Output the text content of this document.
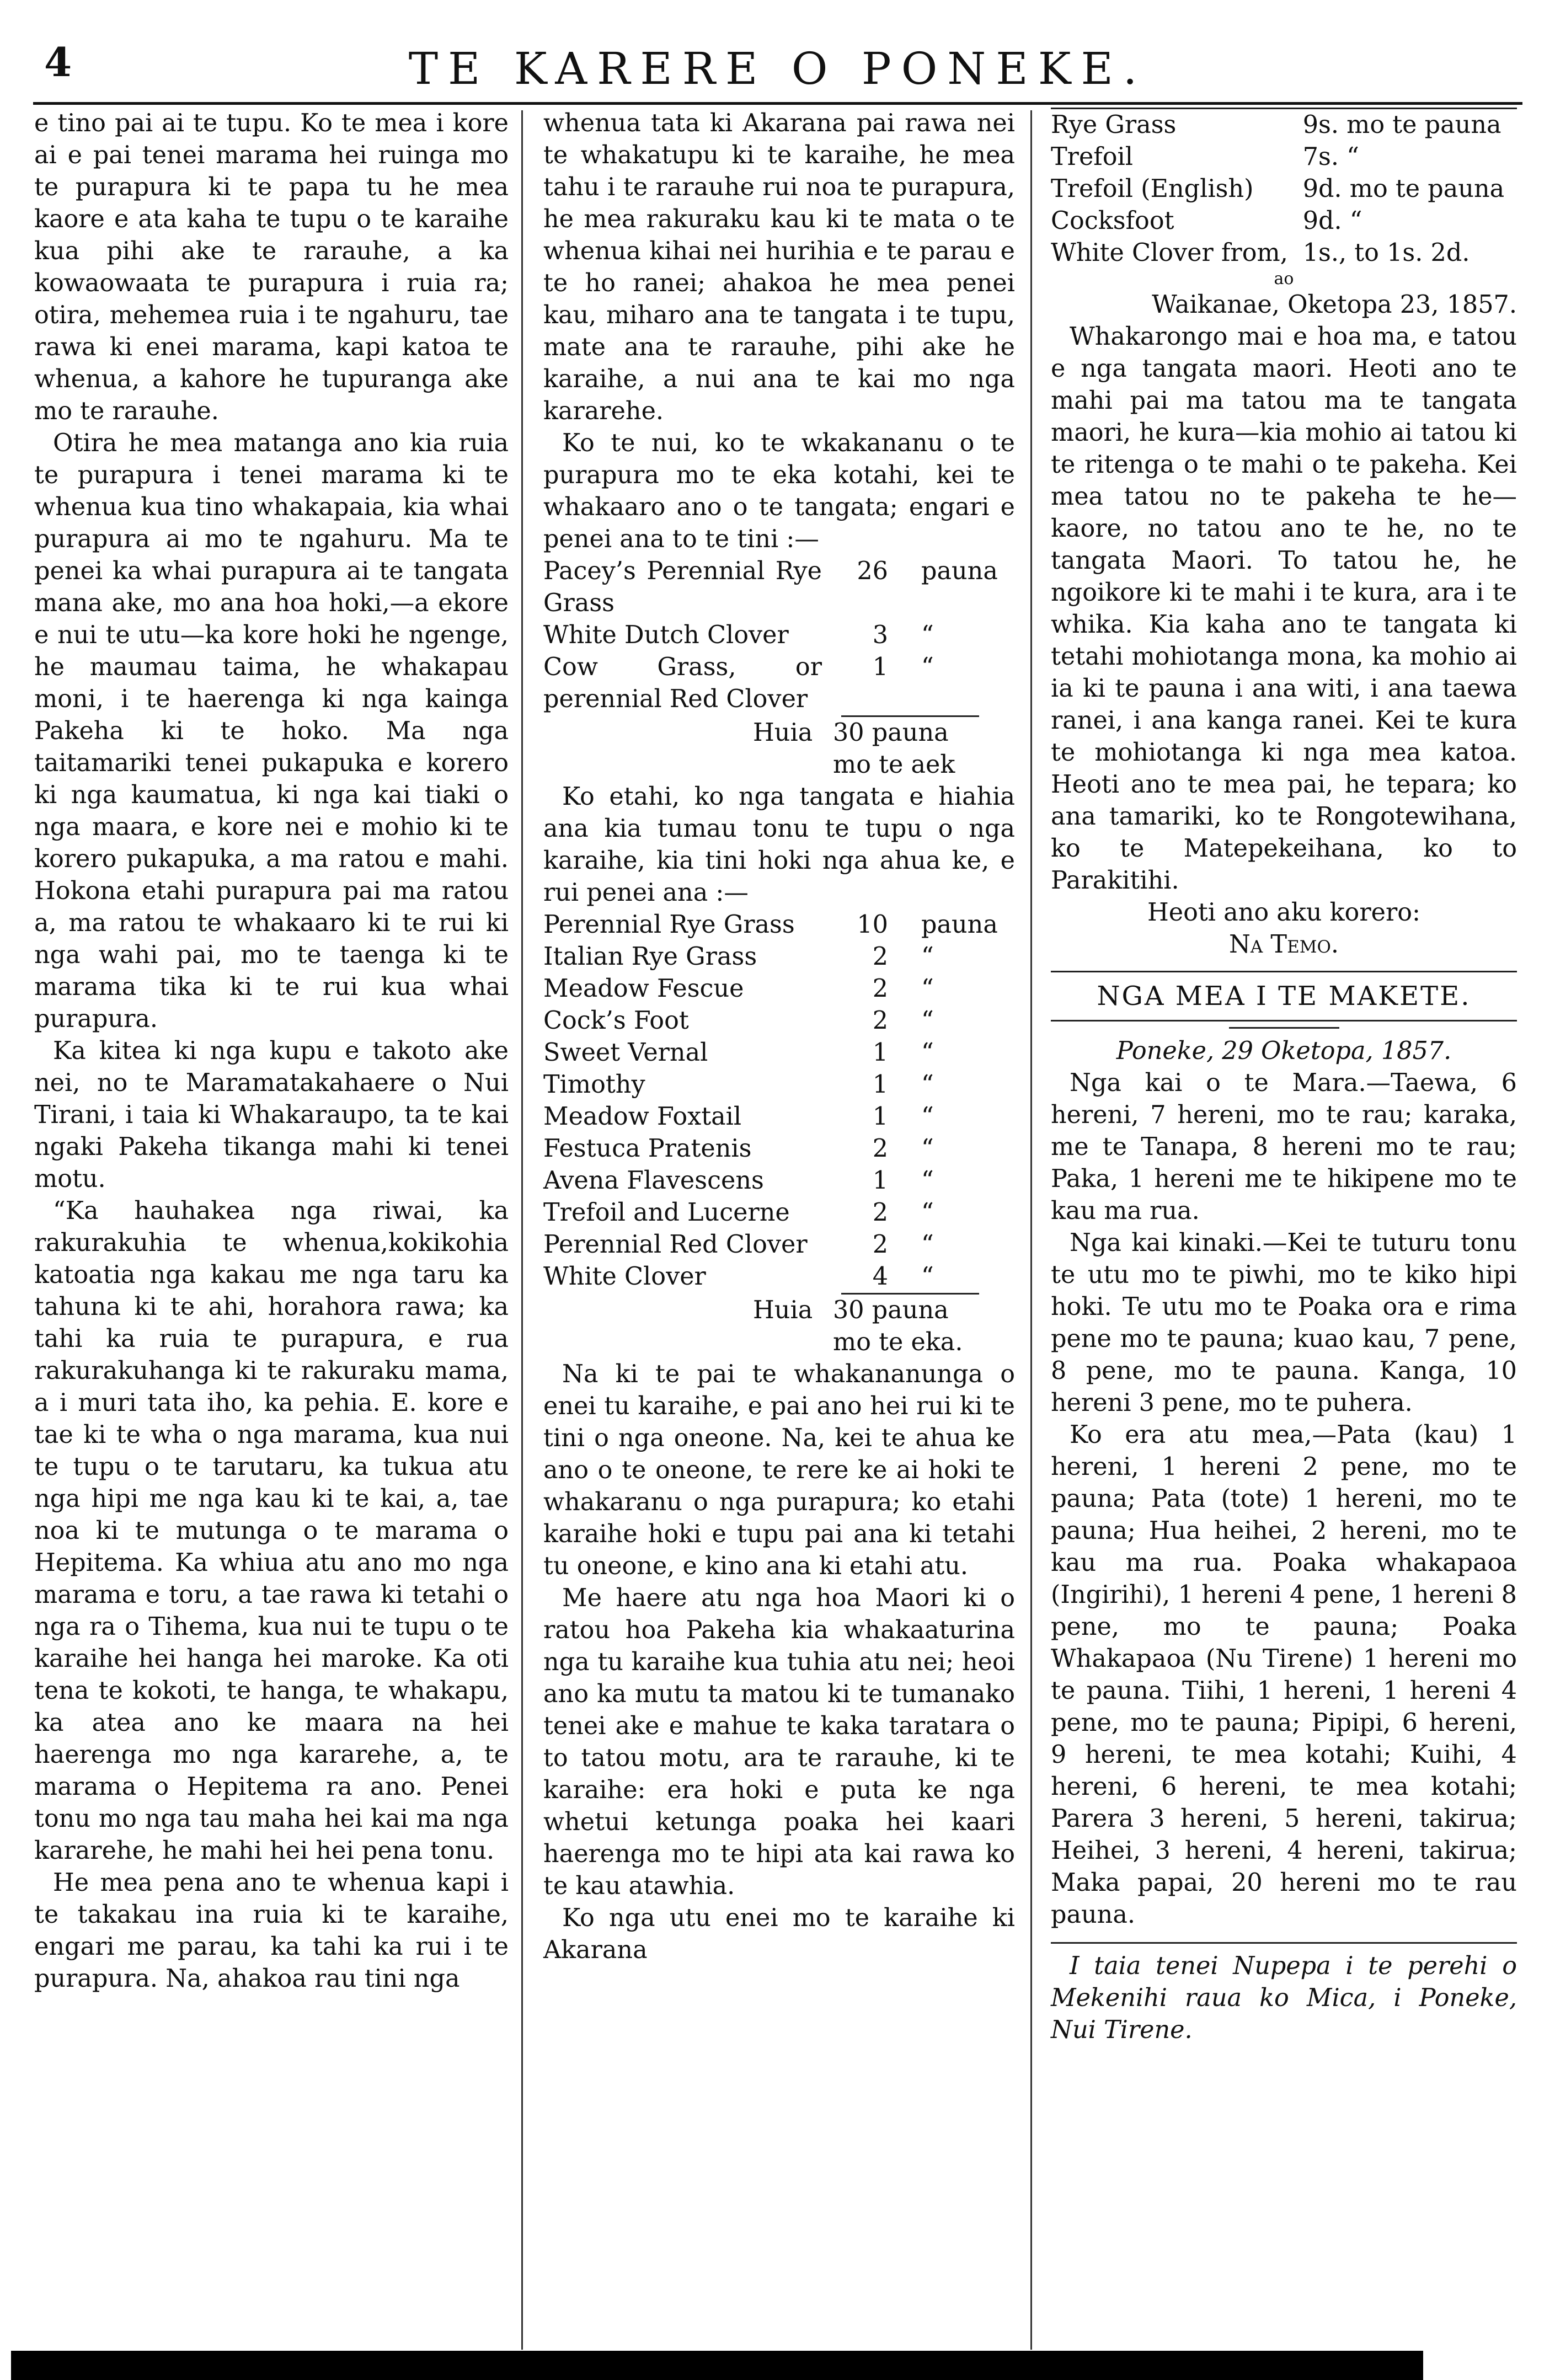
4	TE KARERE O PONEKE.

e tino pai ai te tupu. Ko te mea i kore ai e pai tenei marama hei ruinga mo te purapura ki te papa tu he mea kaore e ata kaha te tupu o te karaihe kua pihi ake te rarauhe, a ka kowaowaata te purapura i ruia ra; otira, mehemea ruia i te ngahuru, tae rawa ki enei marama, kapi katoa te whenua, a kahore he tupuranga ake mo te rarauhe.

Otira he mea matanga ano kia ruia te purapura i tenei marama ki te whenua kua tino whakapaia, kia whai purapura ai mo te ngahuru. Ma te penei ka whai purapura ai te tangata mana ake, mo ana hoa hoki,—a ekore e nui te utu—ka kore hoki he ngenge, he maumau taima, he whakapau moni, i te haerenga ki nga kainga Pakeha ki te hoko. Ma nga taitamariki tenei pukapuka e korero ki nga kaumatua, ki nga kai tiaki o nga maara, e kore nei e mohio ki te korero pukapuka, a ma ratou e mahi. Hokona etahi purapura pai ma ratou a, ma ratou te whakaaro ki te rui ki nga wahi pai, mo te taenga ki te marama tika ki te rui kua whai purapura.

Ka kitea ki nga kupu e takoto ake nei, no te Maramatakahaere o Nui Tirani, i taia ki Whakaraupo, ta te kai ngaki Pakeha tikanga mahi ki tenei motu.

“Ka hauhakea nga riwai, ka rakurakuhia te whenua,kokikohia katoatia nga kakau me nga taru ka tahuna ki te ahi, horahora rawa; ka tahi ka ruia te purapura, e rua rakurakuhanga ki te rakuraku mama, a i muri tata iho, ka pehia. E. kore e tae ki te wha o nga marama, kua nui te tupu o te tarutaru, ka tukua atu nga hipi me nga kau ki te kai, a, tae noa ki te mutunga o te marama o Hepitema. Ka whiua atu ano mo nga marama e toru, a tae rawa ki tetahi o nga ra o Tihema, kua nui te tupu o te karaihe hei hanga hei maroke. Ka oti tena te kokoti, te hanga, te whakapu, ka atea ano ke maara na hei haerenga mo nga kararehe, a, te marama o Hepitema ra ano. Penei tonu mo nga tau maha hei kai ma nga kararehe, he mahi hei hei pena tonu.

He mea pena ano te whenua kapi i te takakau ina ruia ki te karaihe, engari me parau, ka tahi ka rui i te purapura. Na, ahakoa rau tini nga

whenua tata ki Akarana pai rawa nei te whakatupu ki te karaihe, he mea tahu i te rarauhe rui noa te purapura, he mea rakuraku kau ki te mata o te whenua kihai nei hurihia e te parau e te ho ranei; ahakoa he mea penei kau, miharo ana te tangata i te tupu, mate ana te rarauhe, pihi ake he karaihe, a nui ana te kai mo nga kararehe.

Ko te nui, ko te wkakananu o te purapura mo te eka kotahi, kei te whakaaro ano o te tangata; engari e penei ana to te tini :—

Pacey’s Perennial Rye Grass	26	pauna
White Dutch Clover	3	“
Cow Grass, or perennial Red Clover	1	“
Huia	30 pauna
	mo te aek

Ko etahi, ko nga tangata e hiahia ana kia tumau tonu te tupu o nga karaihe, kia tini hoki nga ahua ke, e rui penei ana :—

Perennial Rye Grass	10	pauna
Italian Rye Grass	2	“
Meadow Fescue	2	“
Cock’s Foot	2	“
Sweet Vernal	1	“
Timothy	1	“
Meadow Foxtail	1	“
Festuca Pratenis	2	“
Avena Flavescens	1	“
Trefoil and Lucerne	2	“
Perennial Red Clover	2	“
White Clover	4	“
Huia	30 pauna
	mo te eka.

Na ki te pai te whakananunga o enei tu karaihe, e pai ano hei rui ki te tini o nga oneone. Na, kei te ahua ke ano o te oneone, te rere ke ai hoki te whakaranu o nga purapura; ko etahi karaihe hoki e tupu pai ana ki tetahi tu oneone, e kino ana ki etahi atu.

Me haere atu nga hoa Maori ki o ratou hoa Pakeha kia whakaaturina nga tu karaihe kua tuhia atu nei; heoi ano ka mutu ta matou ki te tumanako tenei ake e mahue te kaka taratara o to tatou motu, ara te rarauhe, ki te karaihe: era hoki e puta ke nga whetui ketunga poaka hei kaari haerenga mo te hipi ata kai rawa ko te kau atawhia.

Ko nga utu enei mo te karaihe ki Akarana

Rye Grass	9s. mo te pauna
Trefoil	7s. “
Trefoil (English)	9d. mo te pauna
Cocksfoot	9d. “
White Clover from,	1s., to 1s. 2d.

ao

Waikanae, Oketopa 23, 1857.

Whakarongo mai e hoa ma, e tatou e nga tangata maori. Heoti ano te mahi pai ma tatou ma te tangata maori, he kura—kia mohio ai tatou ki te ritenga o te mahi o te pakeha. Kei mea tatou no te pakeha te he—kaore, no tatou ano te he, no te tangata Maori. To tatou he, he ngoikore ki te mahi i te kura, ara i te whika. Kia kaha ano te tangata ki tetahi mohiotanga mona, ka mohio ai ia ki te pauna i ana witi, i ana taewa ranei, i ana kanga ranei. Kei te kura te mohiotanga ki nga mea katoa. Heoti ano te mea pai, he tepara; ko ana tamariki, ko te Rongotewihana, ko te Matepekeihana, ko to Parakitihi.

Heoti ano aku korero:

Na Temo.

NGA MEA I TE MAKETE.

Poneke, 29 Oketopa, 1857.

Nga kai o te Mara.—Taewa, 6 hereni, 7 hereni, mo te rau; karaka, me te Tanapa, 8 hereni mo te rau; Paka, 1 hereni me te hikipene mo te kau ma rua.

Nga kai kinaki.—Kei te tuturu tonu te utu mo te piwhi, mo te kiko hipi hoki. Te utu mo te Poaka ora e rima pene mo te pauna; kuao kau, 7 pene, 8 pene, mo te pauna. Kanga, 10 hereni 3 pene, mo te puhera.

Ko era atu mea,—Pata (kau) 1 hereni, 1 hereni 2 pene, mo te pauna; Pata (tote) 1 hereni, mo te pauna; Hua heihei, 2 hereni, mo te kau ma rua. Poaka whakapaoa (Ingirihi), 1 hereni 4 pene, 1 hereni 8 pene, mo te pauna; Poaka Whakapaoa (Nu Tirene) 1 hereni mo te pauna. Tiihi, 1 hereni, 1 hereni 4 pene, mo te pauna; Pipipi, 6 hereni, 9 hereni, te mea kotahi; Kuihi, 4 hereni, 6 hereni, te mea kotahi; Parera 3 hereni, 5 hereni, takirua; Heihei, 3 hereni, 4 hereni, takirua; Maka papai, 20 hereni mo te rau pauna.

I taia tenei Nupepa i te perehi o Mekenihi raua ko Mica, i Poneke, Nui Tirene.
